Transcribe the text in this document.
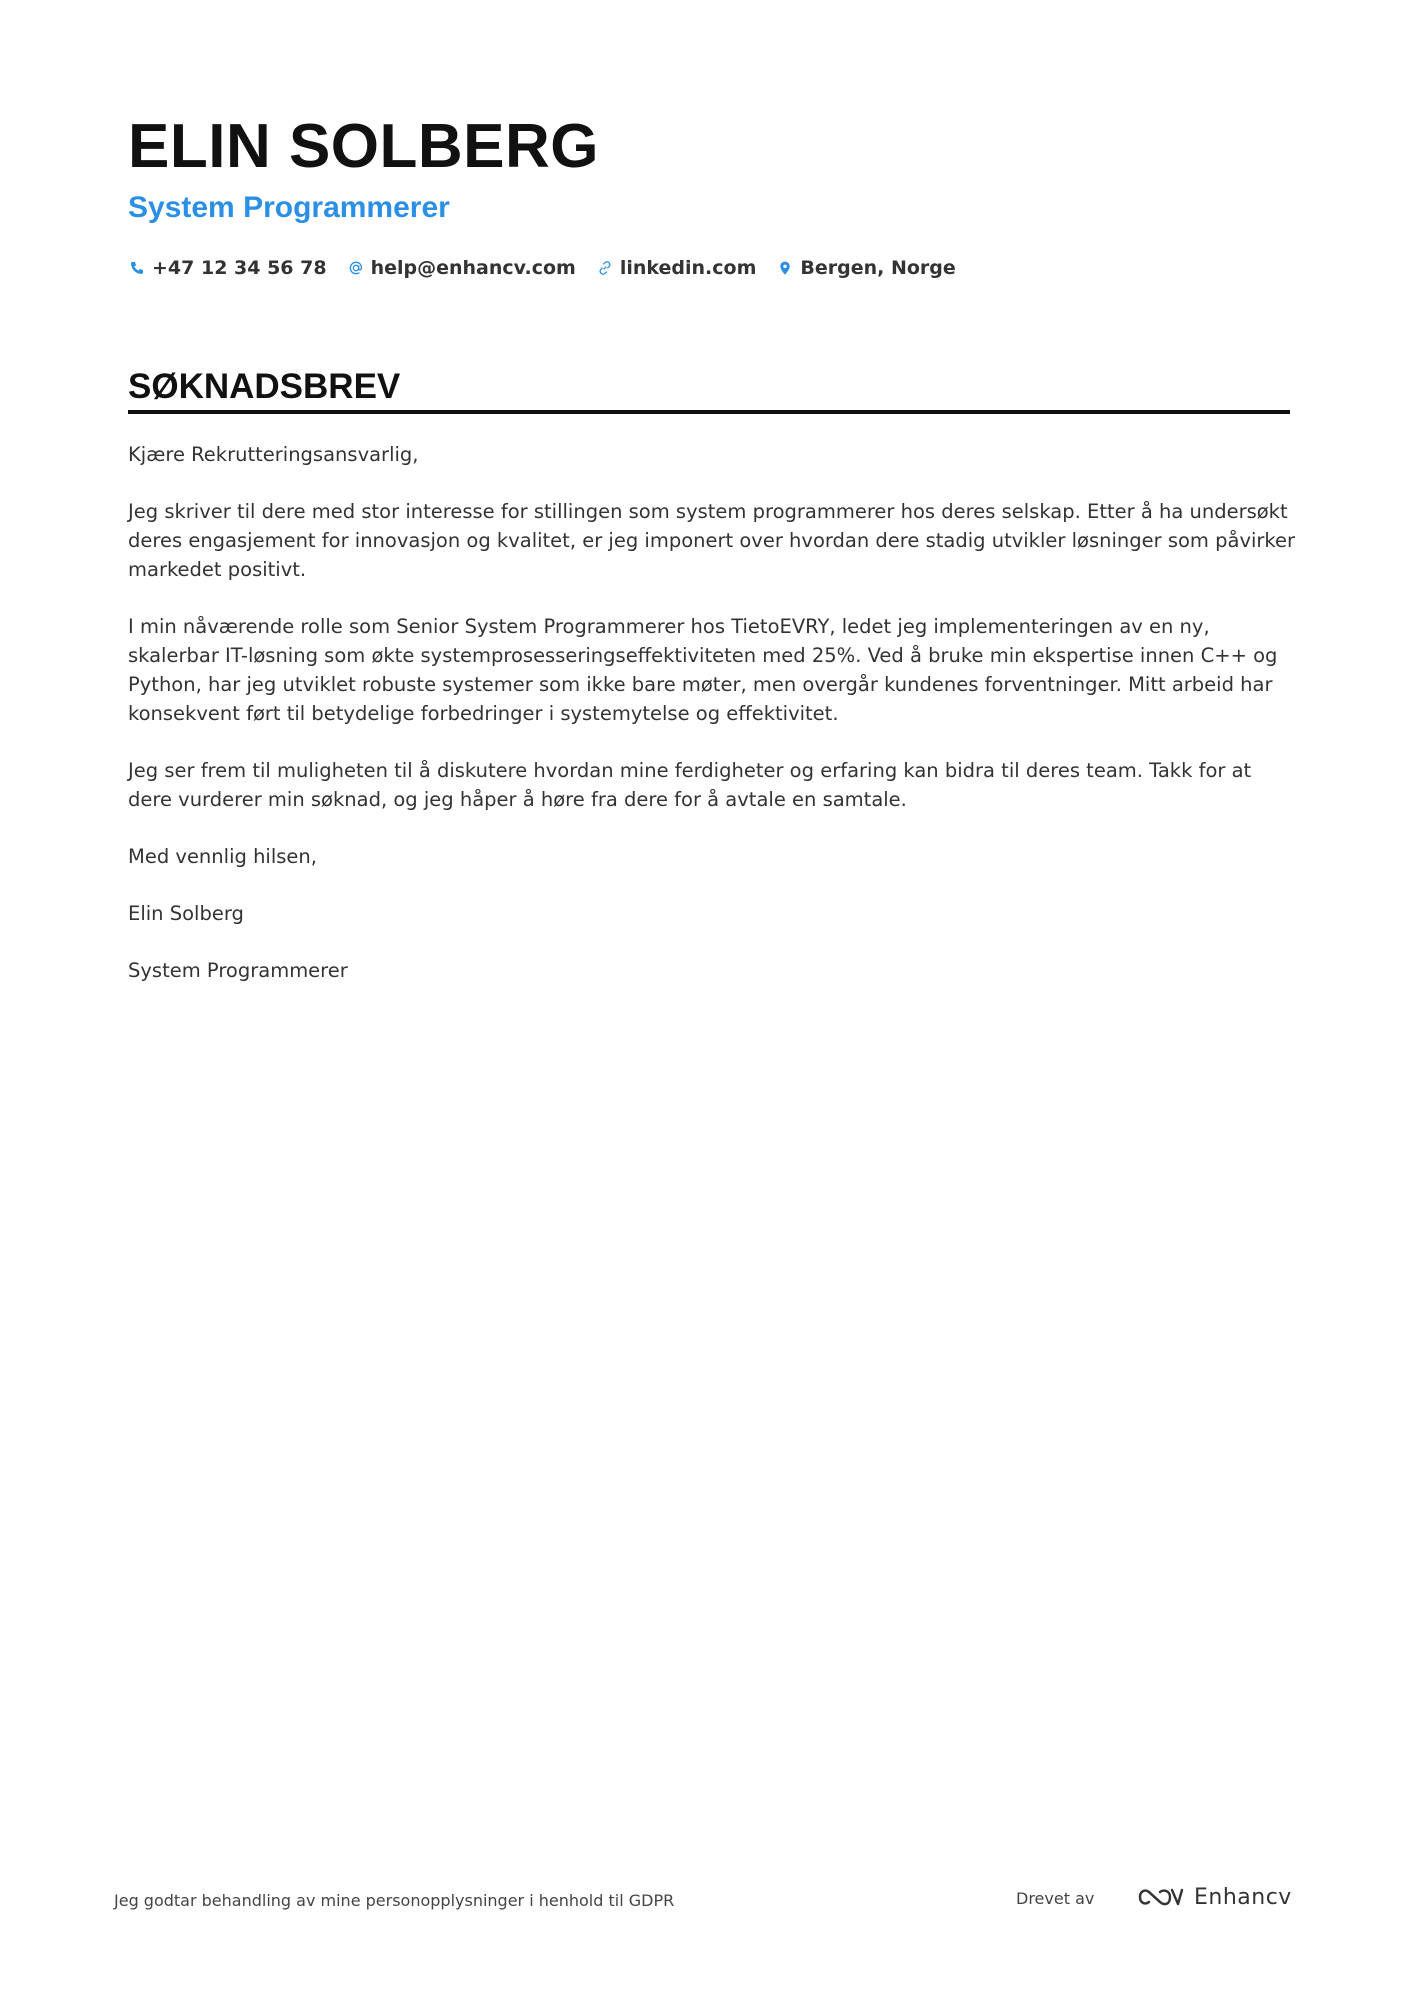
ELIN SOLBERG
System Programmerer
+47 12 34 56 78 help@enhancv.com linkedin.com Bergen, Norge
SØKNADSBREV

Kjære Rekrutteringsansvarlig,

Jeg skriver til dere med stor interesse for stillingen som system programmerer hos deres selskap. Etter å ha undersøkt deres engasjement for innovasjon og kvalitet, er jeg imponert over hvordan dere stadig utvikler løsninger som påvirker markedet positivt.

I min nåværende rolle som Senior System Programmerer hos TietoEVRY, ledet jeg implementeringen av en ny, skalerbar IT-løsning som økte systemprosesseringseffektiviteten med 25%. Ved å bruke min ekspertise innen C++ og Python, har jeg utviklet robuste systemer som ikke bare møter, men overgår kundenes forventninger. Mitt arbeid har konsekvent ført til betydelige forbedringer i systemytelse og effektivitet.

Jeg ser frem til muligheten til å diskutere hvordan mine ferdigheter og erfaring kan bidra til deres team. Takk for at dere vurderer min søknad, og jeg håper å høre fra dere for å avtale en samtale.

Med vennlig hilsen,

Elin Solberg

System Programmerer

Jeg godtar behandling av mine personopplysninger i henhold til GDPR	Drevet av	Enhancv
